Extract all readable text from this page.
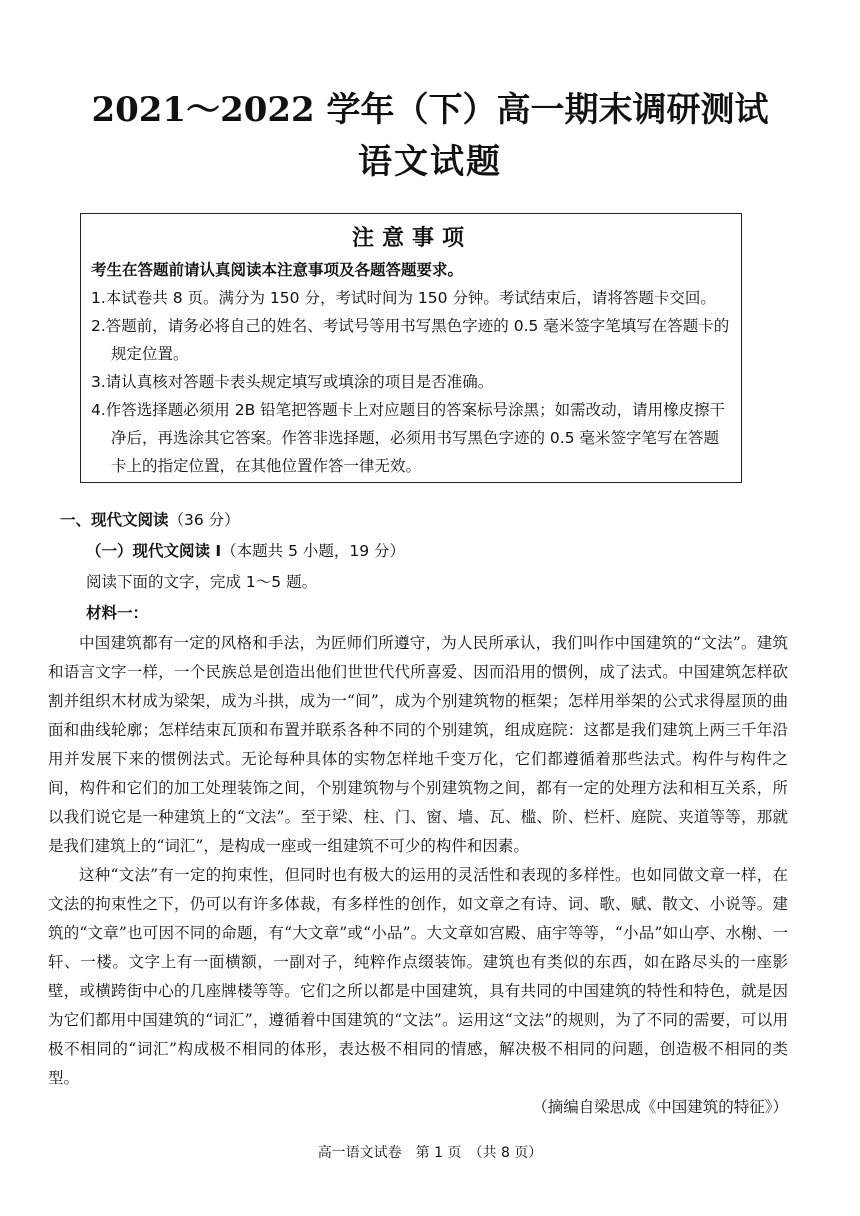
2021～2022 学年（下）高一期末调研测试
语文试题
注意事项
考生在答题前请认真阅读本注意事项及各题答题要求。
1.本试卷共 8 页。满分为 150 分，考试时间为 150 分钟。考试结束后，请将答题卡交回。
2.答题前，请务必将自己的姓名、考试号等用书写黑色字迹的 0.5 毫米签字笔填写在答题卡的规定位置。
3.请认真核对答题卡表头规定填写或填涂的项目是否准确。
4.作答选择题必须用 2B 铅笔把答题卡上对应题目的答案标号涂黑；如需改动，请用橡皮擦干净后，再选涂其它答案。作答非选择题，必须用书写黑色字迹的 0.5 毫米签字笔写在答题卡上的指定位置，在其他位置作答一律无效。
一、现代文阅读（36 分）
（一）现代文阅读 I（本题共 5 小题，19 分）
阅读下面的文字，完成 1～5 题。
材料一：

中国建筑都有一定的风格和手法，为匠师们所遵守，为人民所承认，我们叫作中国建筑的“文法”。建筑和语言文字一样，一个民族总是创造出他们世世代代所喜爱、因而沿用的惯例，成了法式。中国建筑怎样砍割并组织木材成为梁架，成为斗拱，成为一“间”，成为个别建筑物的框架；怎样用举架的公式求得屋顶的曲面和曲线轮廓；怎样结束瓦顶和布置并联系各种不同的个别建筑，组成庭院：这都是我们建筑上两三千年沿用并发展下来的惯例法式。无论每种具体的实物怎样地千变万化，它们都遵循着那些法式。构件与构件之间，构件和它们的加工处理装饰之间，个别建筑物与个别建筑物之间，都有一定的处理方法和相互关系，所以我们说它是一种建筑上的“文法”。至于梁、柱、门、窗、墙、瓦、槛、阶、栏杆、庭院、夹道等等，那就是我们建筑上的“词汇”，是构成一座或一组建筑不可少的构件和因素。

这种“文法”有一定的拘束性，但同时也有极大的运用的灵活性和表现的多样性。也如同做文章一样，在文法的拘束性之下，仍可以有许多体裁，有多样性的创作，如文章之有诗、词、歌、赋、散文、小说等。建筑的“文章”也可因不同的命题，有“大文章”或“小品”。大文章如宫殿、庙宇等等，“小品”如山亭、水榭、一轩、一楼。文字上有一面横额，一副对子，纯粹作点缀装饰。建筑也有类似的东西，如在路尽头的一座影壁，或横跨街中心的几座牌楼等等。它们之所以都是中国建筑，具有共同的中国建筑的特性和特色，就是因为它们都用中国建筑的“词汇”，遵循着中国建筑的“文法”。运用这“文法”的规则，为了不同的需要，可以用极不相同的“词汇”构成极不相同的体形，表达极不相同的情感，解决极不相同的问题，创造极不相同的类型。

（摘编自梁思成《中国建筑的特征》）
高一语文试卷　第 1 页　（共 8 页）
